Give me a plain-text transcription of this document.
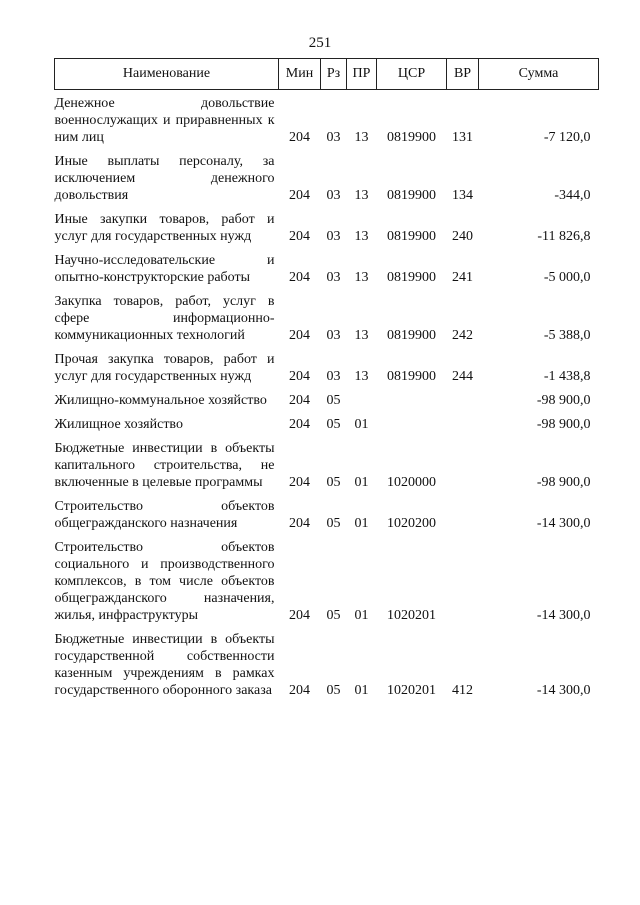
251
Наименование	Мин	Рз	ПР	ЦСР	ВР	Сумма
Денежное довольствие военнослужащих и приравненных к ним лиц	204	03	13	0819900	131	-7 120,0
Иные выплаты персоналу, за исключением денежного довольствия	204	03	13	0819900	134	-344,0
Иные закупки товаров, работ и услуг для государственных нужд	204	03	13	0819900	240	-11 826,8
Научно-исследовательские и опытно-конструкторские работы	204	03	13	0819900	241	-5 000,0
Закупка товаров, работ, услуг в сфере информационно-коммуникационных технологий	204	03	13	0819900	242	-5 388,0
Прочая закупка товаров, работ и услуг для государственных нужд	204	03	13	0819900	244	-1 438,8
Жилищно-коммунальное хозяйство	204	05				-98 900,0
Жилищное хозяйство	204	05	01			-98 900,0
Бюджетные инвестиции в объекты капитального строительства, не включенные в целевые программы	204	05	01	1020000		-98 900,0
Строительство объектов общегражданского назначения	204	05	01	1020200		-14 300,0
Строительство объектов социального и производственного комплексов, в том числе объектов общегражданского назначения, жилья, инфраструктуры	204	05	01	1020201		-14 300,0
Бюджетные инвестиции в объекты государственной собственности казенным учреждениям в рамках государственного оборонного заказа	204	05	01	1020201	412	-14 300,0
